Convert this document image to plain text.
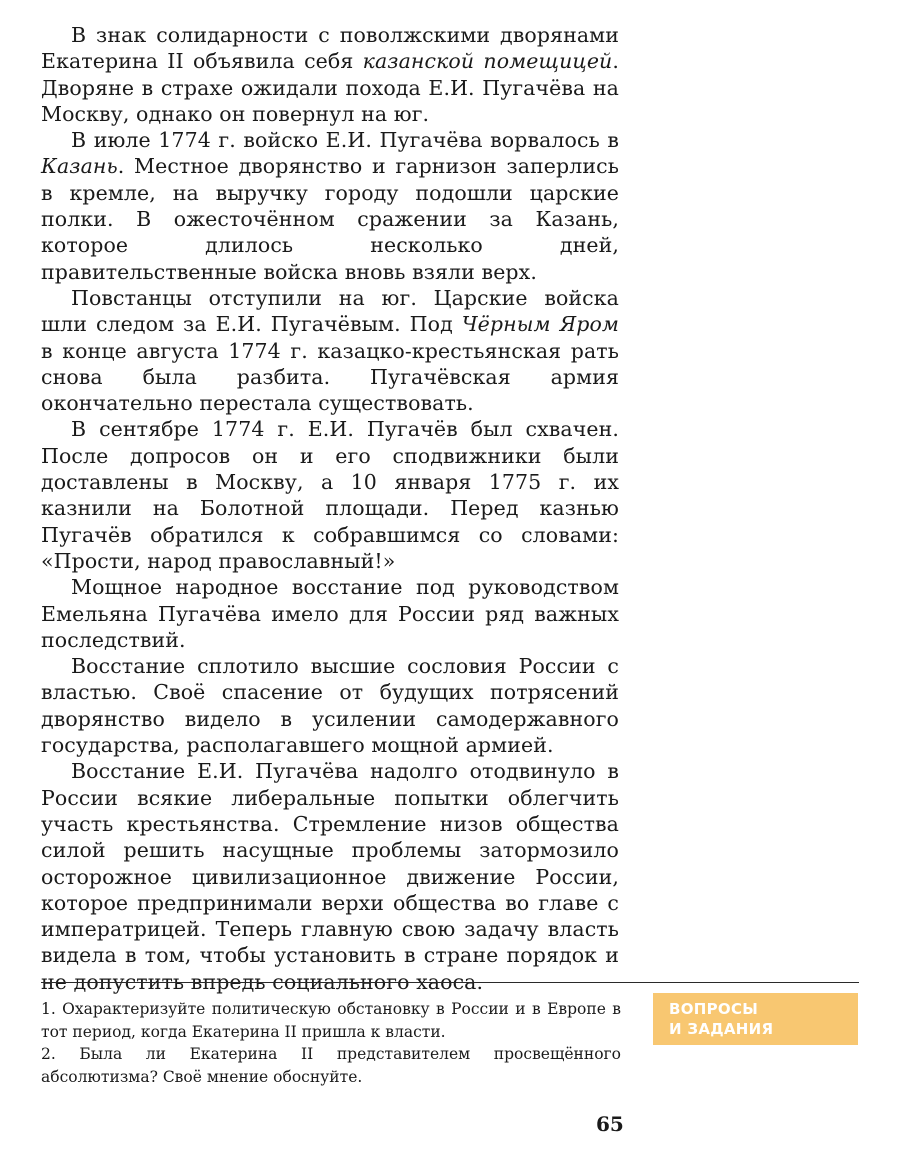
В знак солидарности с поволжскими дворянами Екатерина II объявила себя казанской помещицей. Дворяне в страхе ожидали похода Е.И. Пугачёва на Москву, однако он повернул на юг.

В июле 1774 г. войско Е.И. Пугачёва ворвалось в Казань. Местное дворянство и гарнизон заперлись в кремле, на выручку городу подошли царские полки. В ожесточённом сражении за Казань, которое длилось несколько дней, правительственные войска вновь взяли верх.

Повстанцы отступили на юг. Царские войска шли следом за Е.И. Пугачёвым. Под Чёрным Яром в конце августа 1774 г. казацко-крестьянская рать снова была разбита. Пугачёвская армия окончательно перестала существовать.

В сентябре 1774 г. Е.И. Пугачёв был схвачен. После допросов он и его сподвижники были доставлены в Москву, а 10 января 1775 г. их казнили на Болотной площади. Перед казнью Пугачёв обратился к собравшимся со словами: «Прости, народ православный!»

Мощное народное восстание под руководством Емельяна Пугачёва имело для России ряд важных последствий.

Восстание сплотило высшие сословия России с властью. Своё спасение от будущих потрясений дворянство видело в усилении самодержавного государства, располагавшего мощной армией.

Восстание Е.И. Пугачёва надолго отодвинуло в России всякие либеральные попытки облегчить участь крестьянства. Стремление низов общества силой решить насущные проблемы затормозило осторожное цивилизационное движение России, которое предпринимали верхи общества во главе с императрицей. Теперь главную свою задачу власть видела в том, чтобы установить в стране порядок и не допустить впредь социального хаоса.

1. Охарактеризуйте политическую обстановку в России и в Европе в тот период, когда Екатерина II пришла к власти.

2. Была ли Екатерина II представителем просвещённого абсолютизма? Своё мнение обоснуйте.

ВОПРОСЫ
И ЗАДАНИЯ
65
